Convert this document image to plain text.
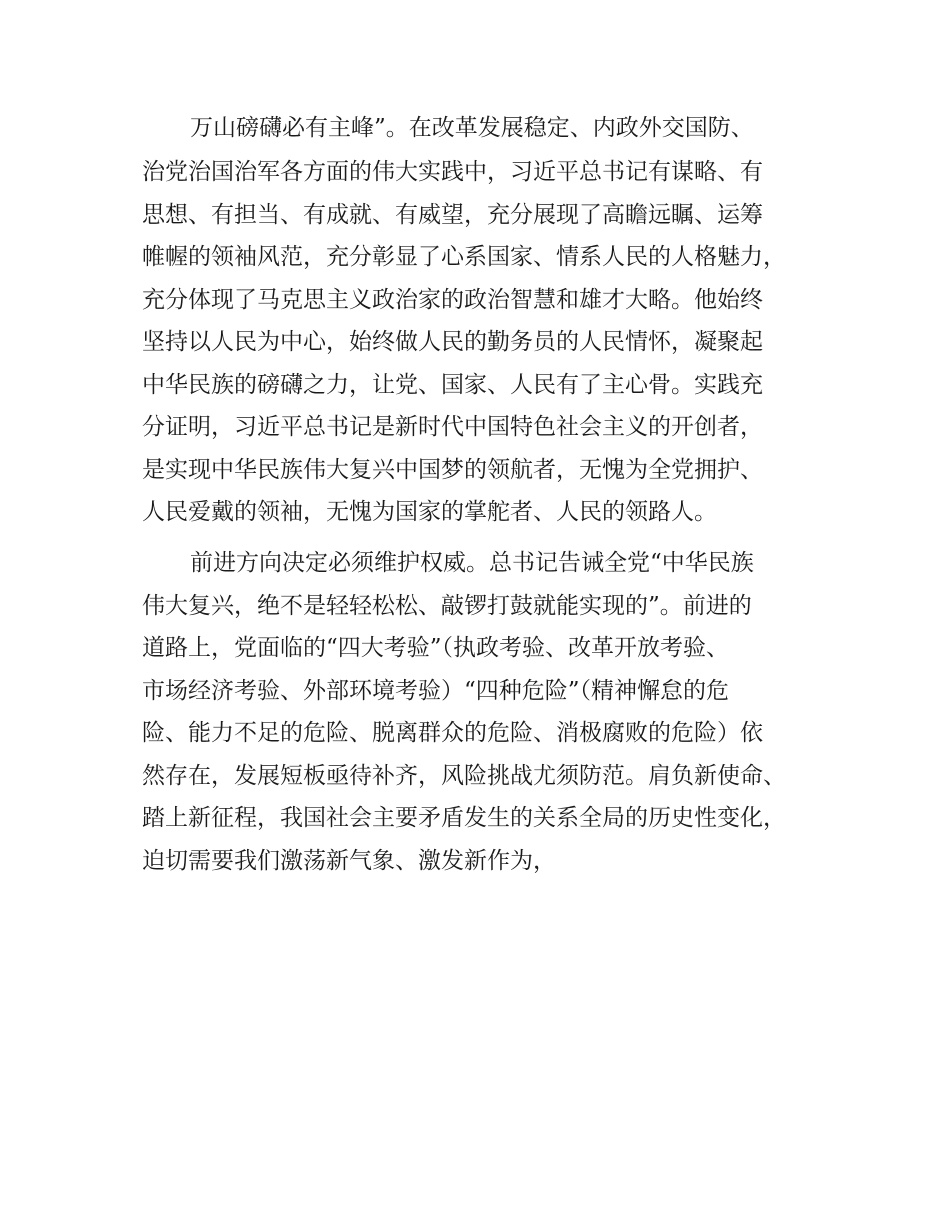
万山磅礴必有主峰”。在改革发展稳定、内政外交国防、
治党治国治军各方面的伟大实践中，习近平总书记有谋略、有
思想、有担当、有成就、有威望，充分展现了高瞻远瞩、运筹
帷幄的领袖风范，充分彰显了心系国家、情系人民的人格魅力，
充分体现了马克思主义政治家的政治智慧和雄才大略。他始终
坚持以人民为中心，始终做人民的勤务员的人民情怀，凝聚起
中华民族的磅礴之力，让党、国家、人民有了主心骨。实践充
分证明，习近平总书记是新时代中国特色社会主义的开创者，
是实现中华民族伟大复兴中国梦的领航者，无愧为全党拥护、
人民爱戴的领袖，无愧为国家的掌舵者、人民的领路人。
前进方向决定必须维护权威。总书记告诫全党“中华民族
伟大复兴，绝不是轻轻松松、敲锣打鼓就能实现的”。前进的
道路上，党面临的“四大考验”（执政考验、改革开放考验、
市场经济考验、外部环境考验）“四种危险”（精神懈怠的危
险、能力不足的危险、脱离群众的危险、消极腐败的危险）依
然存在，发展短板亟待补齐，风险挑战尤须防范。肩负新使命、
踏上新征程，我国社会主要矛盾发生的关系全局的历史性变化，
迫切需要我们激荡新气象、激发新作为，
